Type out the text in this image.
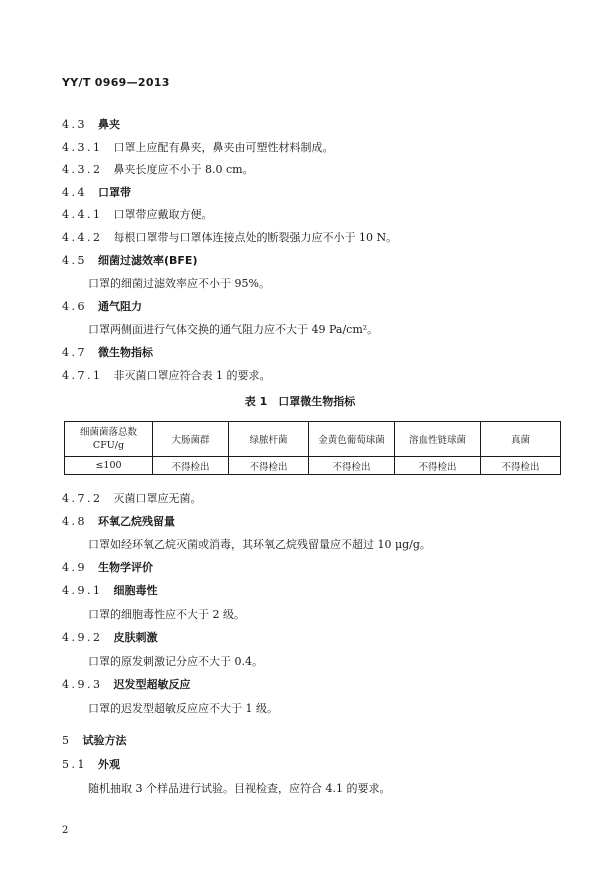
YY/T 0969—2013
4.3  鼻夹
4.3.1  口罩上应配有鼻夹，鼻夹由可塑性材料制成。
4.3.2  鼻夹长度应不小于 8.0 cm。
4.4  口罩带
4.4.1  口罩带应戴取方便。
4.4.2  每根口罩带与口罩体连接点处的断裂强力应不小于 10 N。
4.5  细菌过滤效率(BFE)
口罩的细菌过滤效率应不小于 95%。
4.6  通气阻力
口罩两侧面进行气体交换的通气阻力应不大于 49 Pa/cm²。
4.7  微生物指标
4.7.1  非灭菌口罩应符合表 1 的要求。
4.7.2  灭菌口罩应无菌。
4.8  环氧乙烷残留量
口罩如经环氧乙烷灭菌或消毒，其环氧乙烷残留量应不超过 10 μg/g。
4.9  生物学评价
4.9.1  细胞毒性
口罩的细胞毒性应不大于 2 级。
4.9.2  皮肤刺激
口罩的原发刺激记分应不大于 0.4。
4.9.3  迟发型超敏反应
口罩的迟发型超敏反应应不大于 1 级。
5  试验方法
5.1  外观
随机抽取 3 个样品进行试验。目视检查，应符合 4.1 的要求。
表 1　口罩微生物指标
细菌菌落总数
CFU/g	大肠菌群	绿脓杆菌	金黄色葡萄球菌	溶血性链球菌	真菌
≤100	不得检出	不得检出	不得检出	不得检出	不得检出
2
